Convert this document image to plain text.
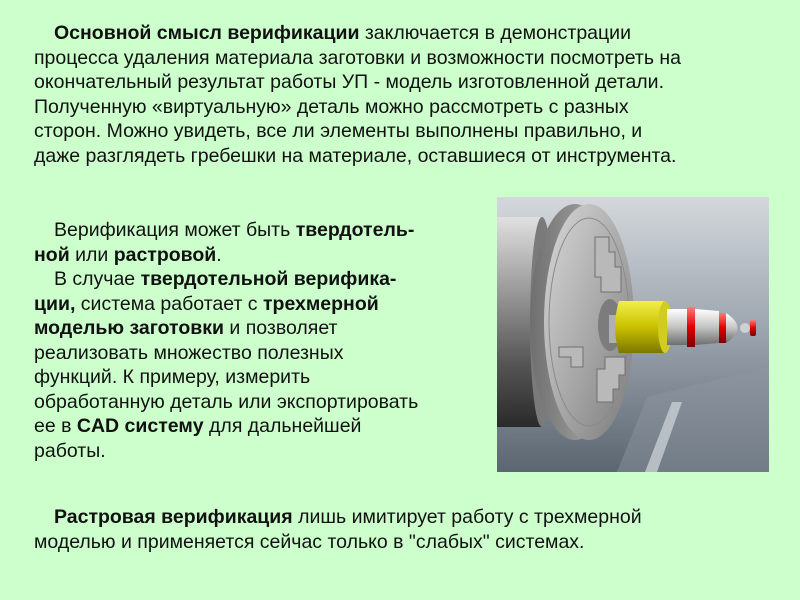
Основной смысл верификации заключается в демонстрации
процесса удаления материала заготовки и возможности посмотреть на
окончательный результат работы УП - модель изготовленной детали.
Полученную «виртуальную» деталь можно рассмотреть с разных
сторон. Можно увидеть, все ли элементы выполнены правильно, и
даже разглядеть гребешки на материале, оставшиеся от инструмента.
Верификация может быть твердотель-
ной или растровой.
В случае твердотельной верифика-
ции, система работает с трехмерной
моделью заготовки и позволяет
реализовать множество полезных
функций. К примеру, измерить
обработанную деталь или экспортировать
ее в CAD системy для дальнейшей
работы.
Растровая верификация лишь имитирует работу с трехмерной
моделью и применяется сейчас только в "слабых" системах.
